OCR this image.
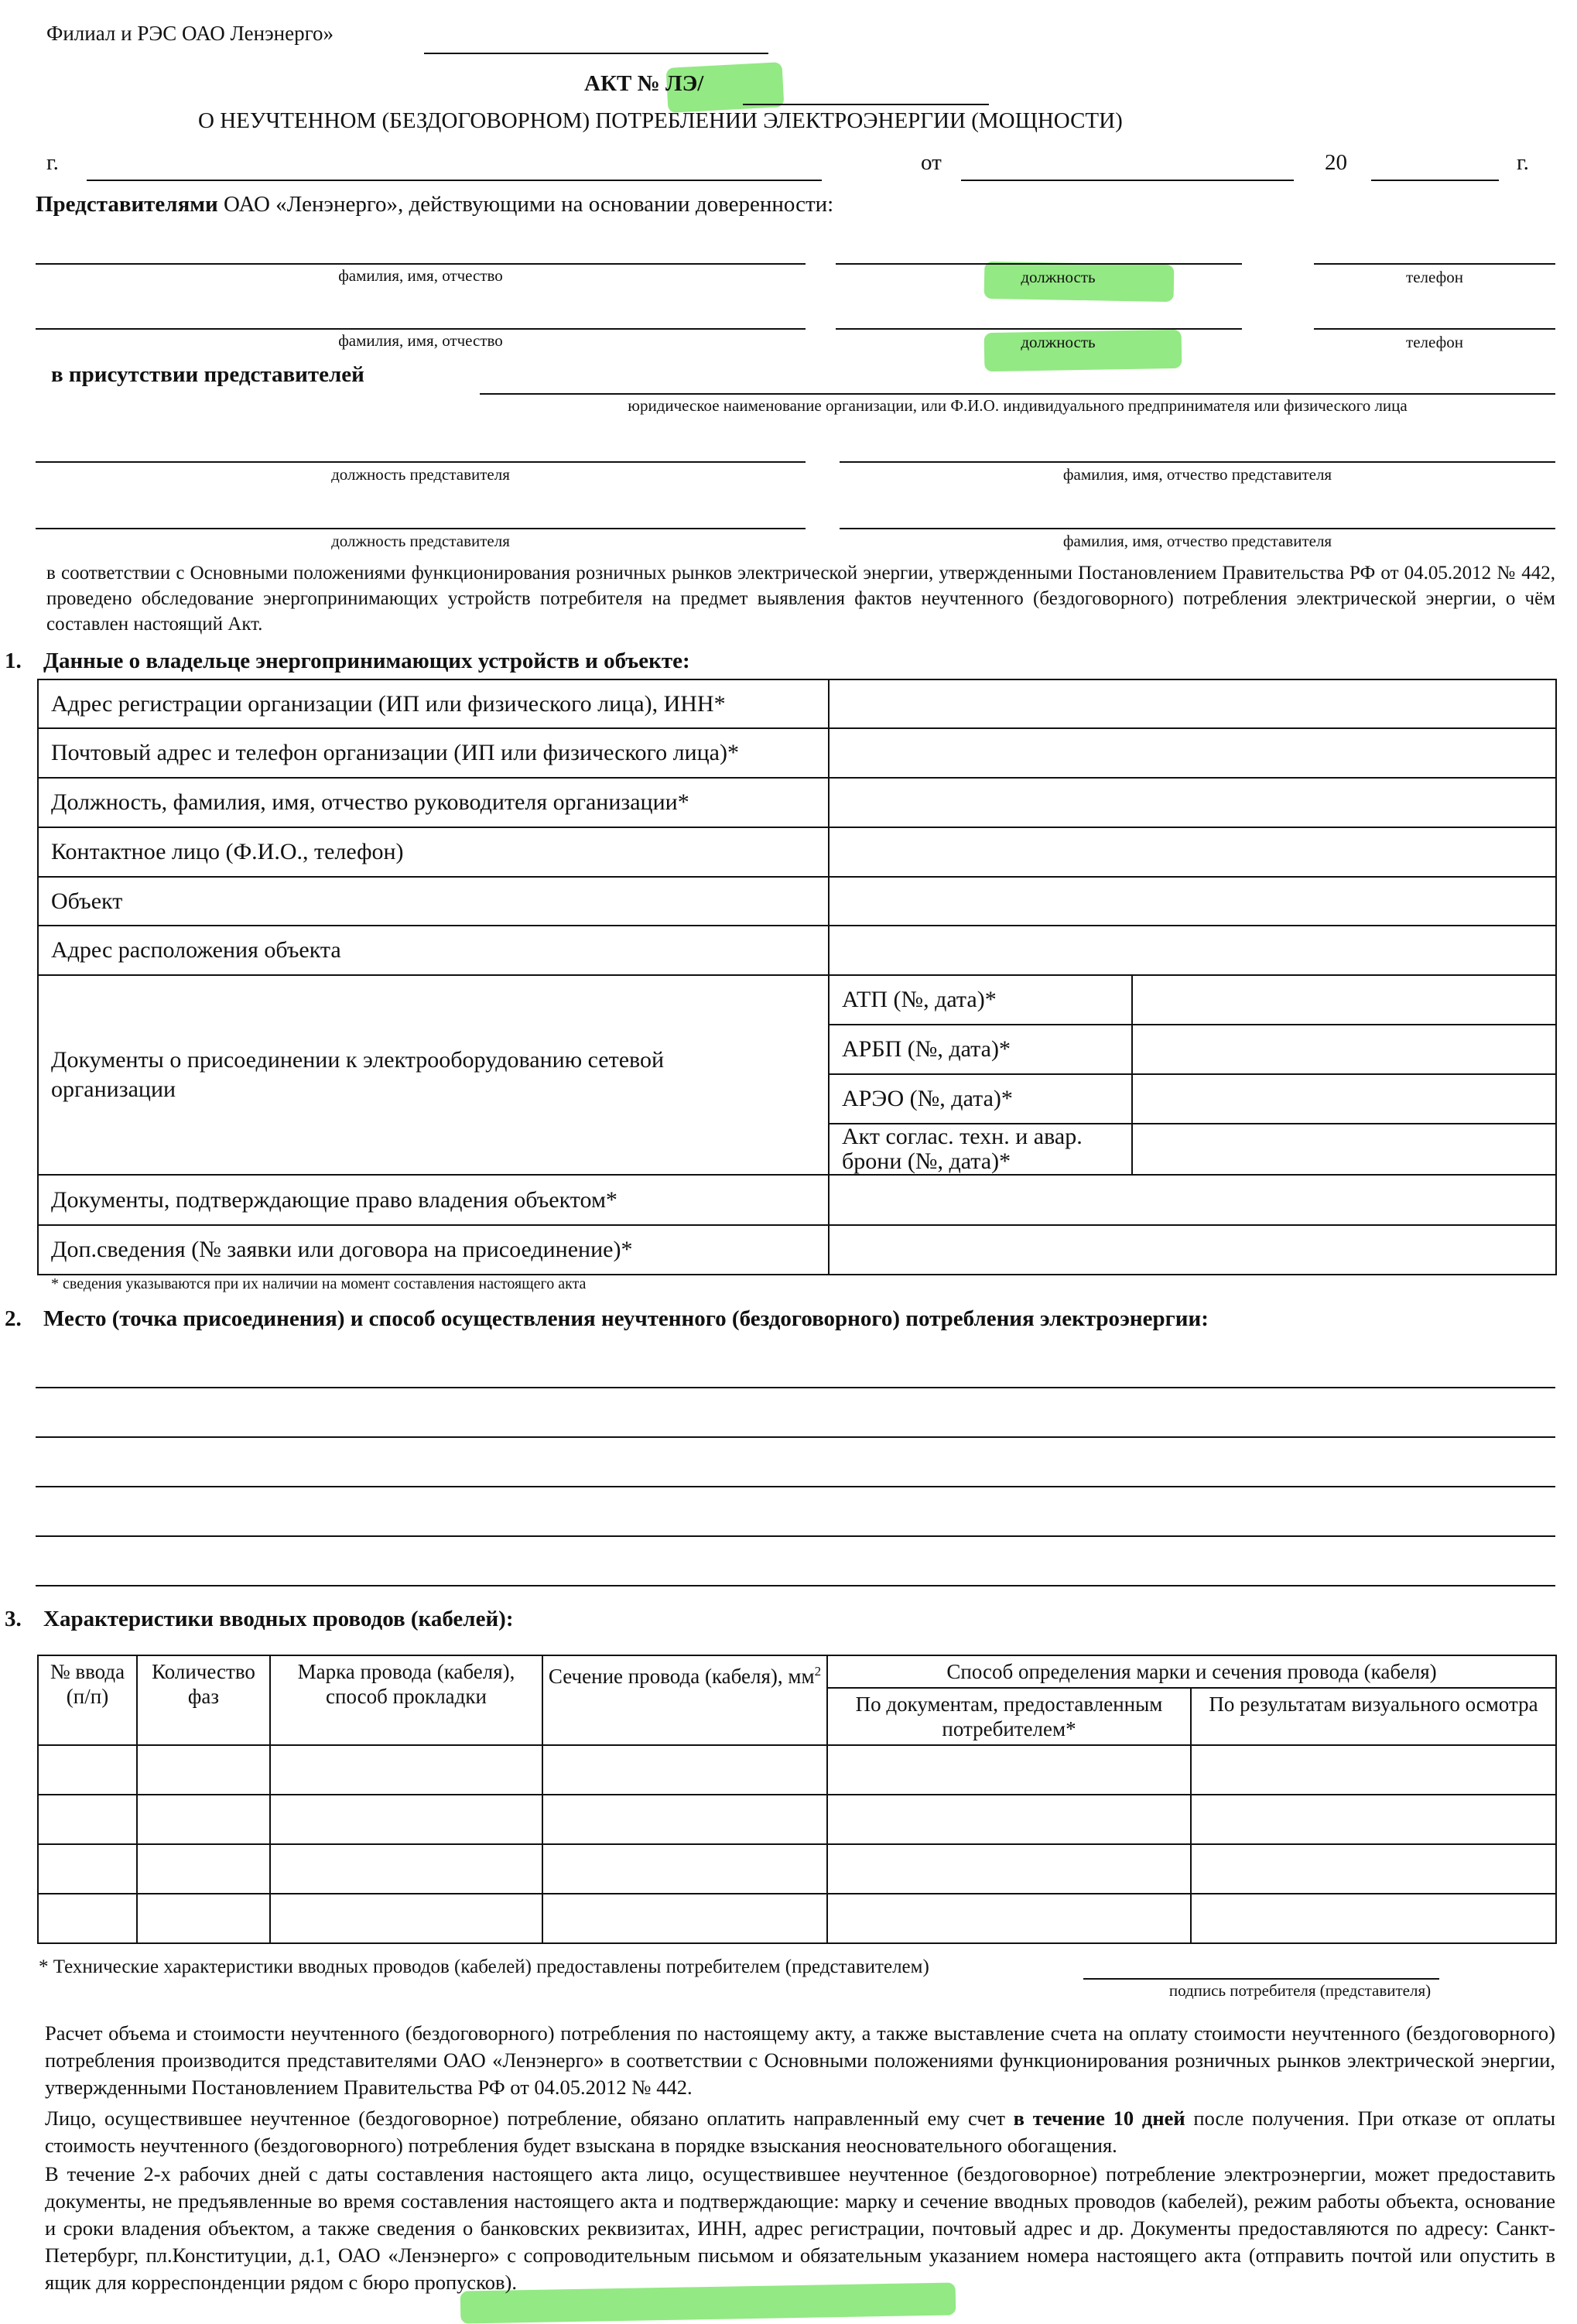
Филиал и РЭС ОАО Ленэнерго»
АКТ № ЛЭ/
О НЕУЧТЕННОМ (БЕЗДОГОВОРНОМ) ПОТРЕБЛЕНИИ ЭЛЕКТРОЭНЕРГИИ (МОЩНОСТИ)
г.	от	20	г.
Представителями ОАО «Ленэнерго», действующими на основании доверенности:
фамилия, имя, отчество	должность	телефон
фамилия, имя, отчество	должность	телефон
в присутствии представителей
юридическое наименование организации, или Ф.И.О. индивидуального предпринимателя или физического лица
должность представителя	фамилия, имя, отчество представителя
должность представителя	фамилия, имя, отчество представителя
в соответствии с Основными положениями функционирования розничных рынков электрической энергии, утвержденными Постановлением Правительства РФ от 04.05.2012 № 442, проведено обследование энергопринимающих устройств потребителя на предмет выявления фактов неучтенного (бездоговорного) потребления электрической энергии, о чём составлен настоящий Акт.
1. Данные о владельце энергопринимающих устройств и объекте:
Адрес регистрации организации (ИП или физического лица), ИНН*		
Почтовый адрес и телефон организации (ИП или физического лица)*		
Должность, фамилия, имя, отчество руководителя организации*		
Контактное лицо (Ф.И.О., телефон)		
Объект		
Адрес расположения объекта		
Документы о присоединении к электрооборудованию сетевой организации	АТП (№, дата)*	
	АРБП (№, дата)*	
	АРЭО (№, дата)*	
	Акт соглас. техн. и авар. брони (№, дата)*	
Документы, подтверждающие право владения объектом*		
Доп.сведения (№ заявки или договора на присоединение)*		
* сведения указываются при их наличии на момент составления настоящего акта
2. Место (точка присоединения) и способ осуществления неучтенного (бездоговорного) потребления электроэнергии:
3. Характеристики вводных проводов (кабелей):
№ ввода (п/п)	Количество фаз	Марка провода (кабеля), способ прокладки	Сечение провода (кабеля), $мм^2$	Способ определения марки и сечения провода (кабеля)	
				По документам, предоставленным потребителем*	По результатам визуального осмотра

* Технические характеристики вводных проводов (кабелей) предоставлены потребителем (представителем)
подпись потребителя (представителя)
Расчет объема и стоимости неучтенного (бездоговорного) потребления по настоящему акту, а также выставление счета на оплату стоимости неучтенного (бездоговорного) потребления производится представителями ОАО «Ленэнерго» в соответствии с Основными положениями функционирования розничных рынков электрической энергии, утвержденными Постановлением Правительства РФ от 04.05.2012 № 442.
Лицо, осуществившее неучтенное (бездоговорное) потребление, обязано оплатить направленный ему счет в течение 10 дней после получения. При отказе от оплаты стоимость неучтенного (бездоговорного) потребления будет взыскана в порядке взыскания неосновательного обогащения.
В течение 2-х рабочих дней с даты составления настоящего акта лицо, осуществившее неучтенное (бездоговорное) потребление электроэнергии, может предоставить документы, не предъявленные во время составления настоящего акта и подтверждающие: марку и сечение вводных проводов (кабелей), режим работы объекта, основание и сроки владения объектом, а также сведения о банковских реквизитах, ИНН, адрес регистрации, почтовый адрес и др. Документы предоставляются по адресу: Санкт-Петербург, пл.Конституции, д.1, ОАО «Ленэнерго» с сопроводительным письмом и обязательным указанием номера настоящего акта (отправить почтой или опустить в ящик для корреспонденции рядом с бюро пропусков).
